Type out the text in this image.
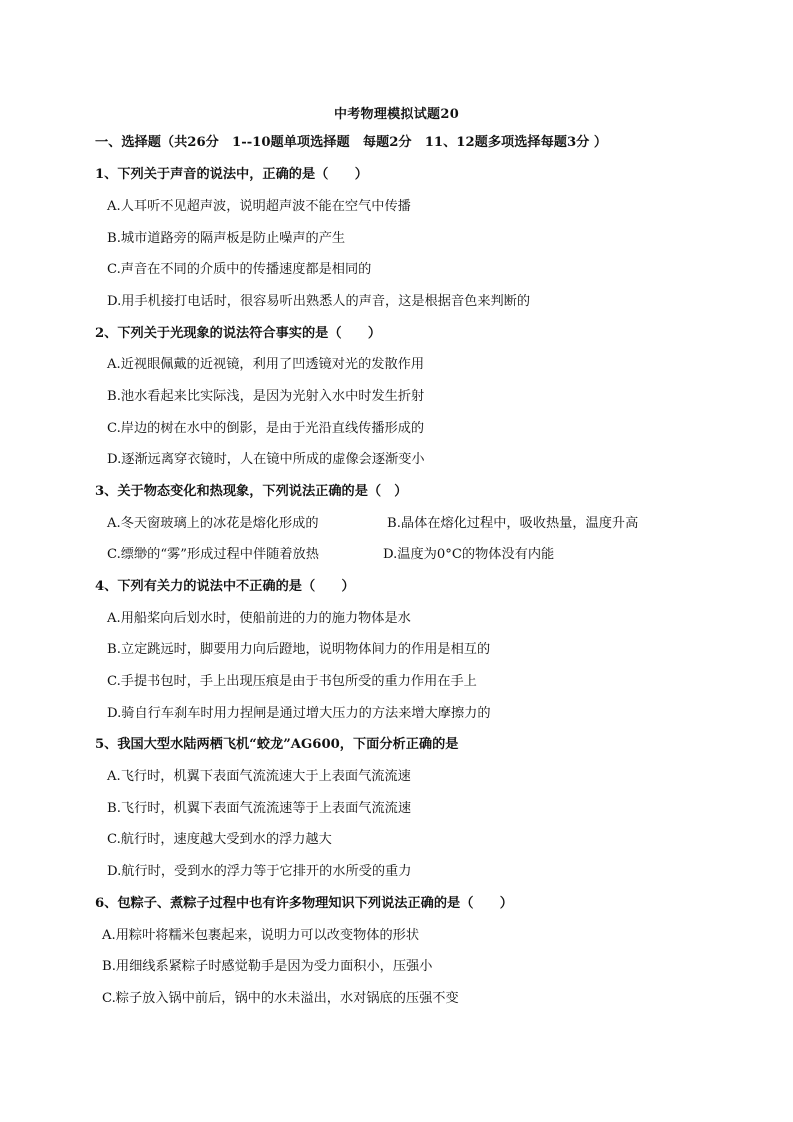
中考物理模拟试题20
一、选择题（共26分　1--10题单项选择题　每题2分　11、12题多项选择每题3分 ）
1、下列关于声音的说法中，正确的是（　　）
A.人耳听不见超声波，说明超声波不能在空气中传播
B.城市道路旁的隔声板是防止噪声的产生
C.声音在不同的介质中的传播速度都是相同的
D.用手机接打电话时，很容易听出熟悉人的声音，这是根据音色来判断的
2、下列关于光现象的说法符合事实的是（　　）
A.近视眼佩戴的近视镜，利用了凹透镜对光的发散作用
B.池水看起来比实际浅，是因为光射入水中时发生折射
C.岸边的树在水中的倒影，是由于光沿直线传播形成的
D.逐渐远离穿衣镜时，人在镜中所成的虚像会逐渐变小
3、关于物态变化和热现象，下列说法正确的是（　）
A.冬天窗玻璃上的冰花是熔化形成的	B.晶体在熔化过程中，吸收热量，温度升高
C.缥缈的“雾”形成过程中伴随着放热	D.温度为0°C的物体没有内能
4、下列有关力的说法中不正确的是（　　）
A.用船桨向后划水时，使船前进的力的施力物体是水
B.立定跳远时，脚要用力向后蹬地，说明物体间力的作用是相互的
C.手提书包时，手上出现压痕是由于书包所受的重力作用在手上
D.骑自行车刹车时用力捏闸是通过增大压力的方法来增大摩擦力的
5、我国大型水陆两栖飞机“蛟龙”AG600，下面分析正确的是
A.飞行时，机翼下表面气流流速大于上表面气流流速
B.飞行时，机翼下表面气流流速等于上表面气流流速
C.航行时，速度越大受到水的浮力越大
D.航行时，受到水的浮力等于它排开的水所受的重力
6、包粽子、煮粽子过程中也有许多物理知识下列说法正确的是（　　）
A.用粽叶将糯米包裹起来，说明力可以改变物体的形状
B.用细线系紧粽子时感觉勒手是因为受力面积小，压强小
C.粽子放入锅中前后，锅中的水未溢出，水对锅底的压强不变
